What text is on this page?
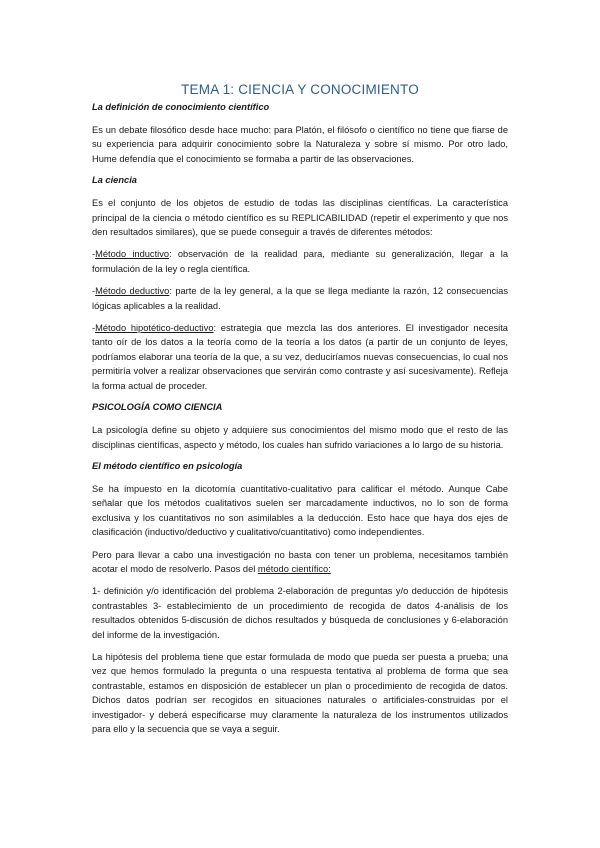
TEMA 1: CIENCIA Y CONOCIMIENTO
La definición de conocimiento científico

Es un debate filosófico desde hace mucho: para Platón, el filósofo o científico no tiene que fiarse de su experiencia para adquirir conocimiento sobre la Naturaleza y sobre sí mismo. Por otro lado, Hume defendía que el conocimiento se formaba a partir de las observaciones.

La ciencia

Es el conjunto de los objetos de estudio de todas las disciplinas científicas. La característica principal de la ciencia o método científico es su REPLICABILIDAD (repetir el experimento y que nos den resultados similares), que se puede conseguir a través de diferentes métodos:

-Método inductivo: observación de la realidad para, mediante su generalización, llegar a la formulación de la ley o regla científica.

-Método deductivo: parte de la ley general, a la que se llega mediante la razón, 12 consecuencias lógicas aplicables a la realidad.

-Método hipotético-deductivo: estrategia que mezcla las dos anteriores. El investigador necesita tanto oír de los datos a la teoría como de la teoría a los datos (a partir de un conjunto de leyes, podríamos elaborar una teoría de la que, a su vez, deduciríamos nuevas consecuencias, lo cual nos permitiría volver a realizar observaciones que servirán como contraste y así sucesivamente). Refleja la forma actual de proceder.

PSICOLOGÍA COMO CIENCIA

La psicología define su objeto y adquiere sus conocimientos del mismo modo que el resto de las disciplinas científicas, aspecto y método, los cuales han sufrido variaciones a lo largo de su historia.

El método científico en psicología

Se ha impuesto en la dicotomía cuantitativo-cualitativo para calificar el método. Aunque Cabe señalar que los métodos cualitativos suelen ser marcadamente inductivos, no lo son de forma exclusiva y los cuantitativos no son asimilables a la deducción. Esto hace que haya dos ejes de clasificación (inductivo/deductivo y cualitativo/cuantitativo) como independientes.

Pero para llevar a cabo una investigación no basta con tener un problema, necesitamos también acotar el modo de resolverlo. Pasos del método científico:

1- definición y/o identificación del problema 2-elaboración de preguntas y/o deducción de hipótesis contrastables 3- establecimiento de un procedimiento de recogida de datos 4-análisis de los resultados obtenidos 5-discusión de dichos resultados y búsqueda de conclusiones y 6-elaboración del informe de la investigación.

La hipótesis del problema tiene que estar formulada de modo que pueda ser puesta a prueba; una vez que hemos formulado la pregunta o una respuesta tentativa al problema de forma que sea contrastable, estamos en disposición de establecer un plan o procedimiento de recogida de datos. Dichos datos podrían ser recogidos en situaciones naturales o artificiales-construidas por el investigador- y deberá especificarse muy claramente la naturaleza de los instrumentos utilizados para ello y la secuencia que se vaya a seguir.
